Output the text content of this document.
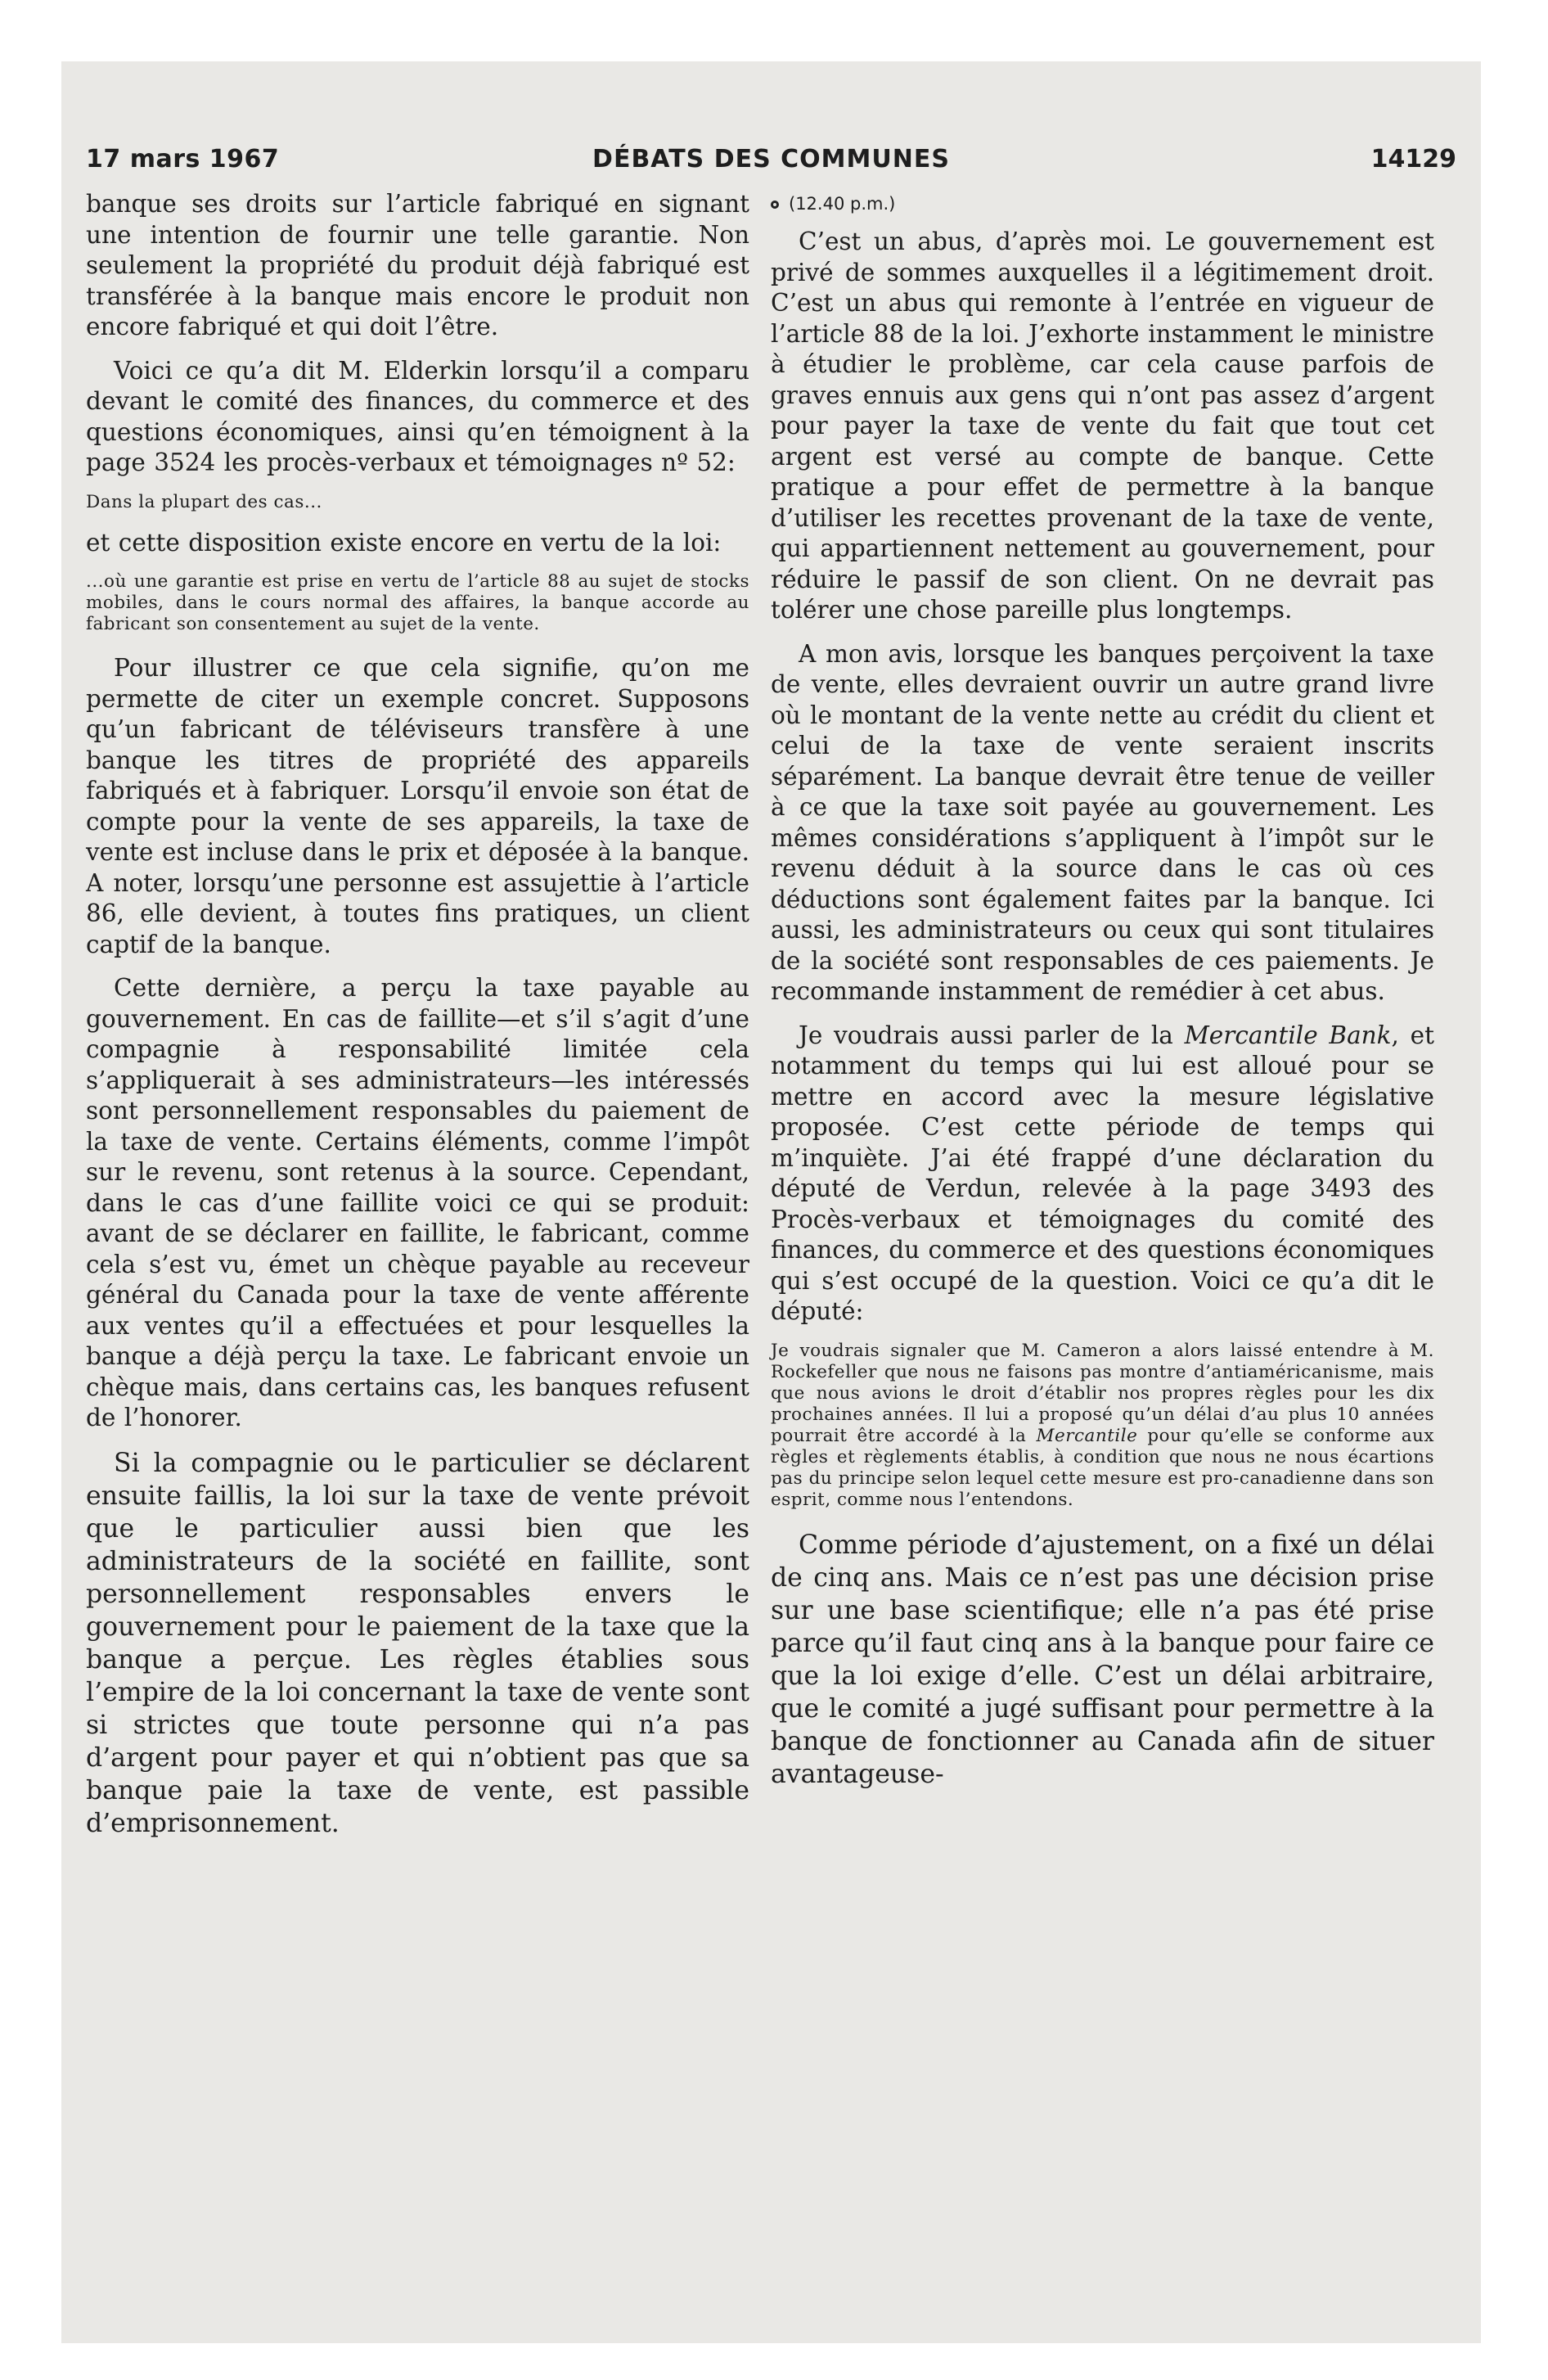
17 mars 1967	DÉBATS DES COMMUNES	14129

banque ses droits sur l’article fabriqué en signant une intention de fournir une telle garantie. Non seulement la propriété du produit déjà fabriqué est transférée à la banque mais encore le produit non encore fabriqué et qui doit l’être.

Voici ce qu’a dit M. Elderkin lorsqu’il a comparu devant le comité des finances, du commerce et des questions économiques, ainsi qu’en témoignent à la page 3524 les procès-verbaux et témoignages nº 52:

Dans la plupart des cas...

et cette disposition existe encore en vertu de la loi:

...où une garantie est prise en vertu de l’article 88 au sujet de stocks mobiles, dans le cours normal des affaires, la banque accorde au fabricant son consentement au sujet de la vente.

Pour illustrer ce que cela signifie, qu’on me permette de citer un exemple concret. Supposons qu’un fabricant de téléviseurs transfère à une banque les titres de propriété des appareils fabriqués et à fabriquer. Lorsqu’il envoie son état de compte pour la vente de ses appareils, la taxe de vente est incluse dans le prix et déposée à la banque. A noter, lorsqu’une personne est assujettie à l’article 86, elle devient, à toutes fins pratiques, un client captif de la banque.

Cette dernière, a perçu la taxe payable au gouvernement. En cas de faillite—et s’il s’agit d’une compagnie à responsabilité limitée cela s’appliquerait à ses administrateurs—les intéressés sont personnellement responsables du paiement de la taxe de vente. Certains éléments, comme l’impôt sur le revenu, sont retenus à la source. Cependant, dans le cas d’une faillite voici ce qui se produit: avant de se déclarer en faillite, le fabricant, comme cela s’est vu, émet un chèque payable au receveur général du Canada pour la taxe de vente afférente aux ventes qu’il a effectuées et pour lesquelles la banque a déjà perçu la taxe. Le fabricant envoie un chèque mais, dans certains cas, les banques refusent de l’honorer.

Si la compagnie ou le particulier se déclarent ensuite faillis, la loi sur la taxe de vente prévoit que le particulier aussi bien que les administrateurs de la société en faillite, sont personnellement responsables envers le gouvernement pour le paiement de la taxe que la banque a perçue. Les règles établies sous l’empire de la loi concernant la taxe de vente sont si strictes que toute personne qui n’a pas d’argent pour payer et qui n’obtient pas que sa banque paie la taxe de vente, est passible d’emprisonnement.

(12.40 p.m.)

C’est un abus, d’après moi. Le gouvernement est privé de sommes auxquelles il a légitimement droit. C’est un abus qui remonte à l’entrée en vigueur de l’article 88 de la loi. J’exhorte instamment le ministre à étudier le problème, car cela cause parfois de graves ennuis aux gens qui n’ont pas assez d’argent pour payer la taxe de vente du fait que tout cet argent est versé au compte de banque. Cette pratique a pour effet de permettre à la banque d’utiliser les recettes provenant de la taxe de vente, qui appartiennent nettement au gouvernement, pour réduire le passif de son client. On ne devrait pas tolérer une chose pareille plus longtemps.

A mon avis, lorsque les banques perçoivent la taxe de vente, elles devraient ouvrir un autre grand livre où le montant de la vente nette au crédit du client et celui de la taxe de vente seraient inscrits séparément. La banque devrait être tenue de veiller à ce que la taxe soit payée au gouvernement. Les mêmes considérations s’appliquent à l’impôt sur le revenu déduit à la source dans le cas où ces déductions sont également faites par la banque. Ici aussi, les administrateurs ou ceux qui sont titulaires de la société sont responsables de ces paiements. Je recommande instamment de remédier à cet abus.

Je voudrais aussi parler de la Mercantile Bank, et notamment du temps qui lui est alloué pour se mettre en accord avec la mesure législative proposée. C’est cette période de temps qui m’inquiète. J’ai été frappé d’une déclaration du député de Verdun, relevée à la page 3493 des Procès-verbaux et témoignages du comité des finances, du commerce et des questions économiques qui s’est occupé de la question. Voici ce qu’a dit le député:

Je voudrais signaler que M. Cameron a alors laissé entendre à M. Rockefeller que nous ne faisons pas montre d’antiaméricanisme, mais que nous avions le droit d’établir nos propres règles pour les dix prochaines années. Il lui a proposé qu’un délai d’au plus 10 années pourrait être accordé à la Mercantile pour qu’elle se conforme aux règles et règlements établis, à condition que nous ne nous écartions pas du principe selon lequel cette mesure est pro-canadienne dans son esprit, comme nous l’entendons.

Comme période d’ajustement, on a fixé un délai de cinq ans. Mais ce n’est pas une décision prise sur une base scientifique; elle n’a pas été prise parce qu’il faut cinq ans à la banque pour faire ce que la loi exige d’elle. C’est un délai arbitraire, que le comité a jugé suffisant pour permettre à la banque de fonctionner au Canada afin de situer avantageuse-
